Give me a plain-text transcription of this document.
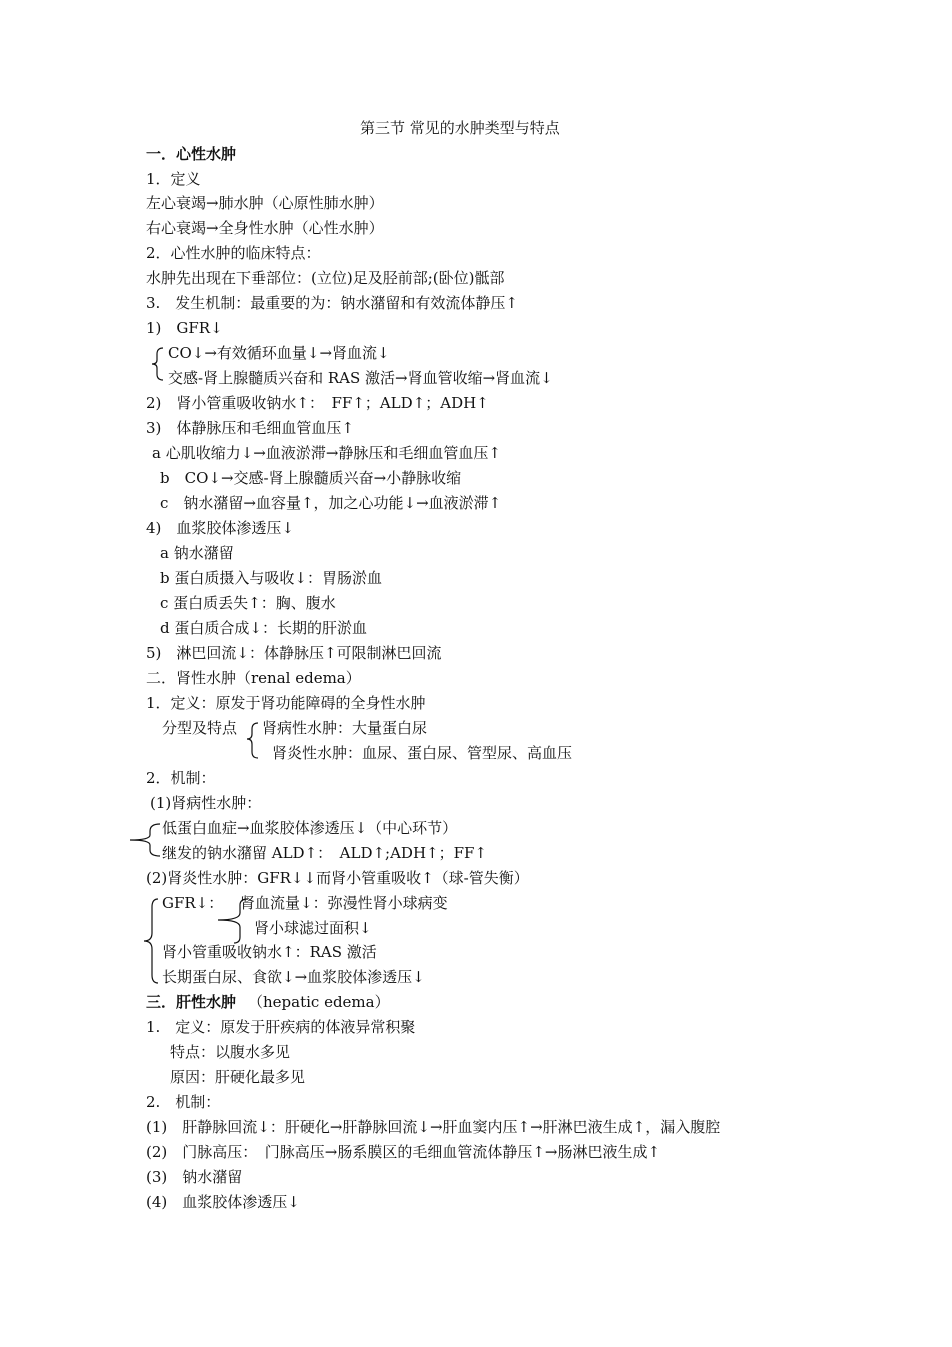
第三节 常见的水肿类型与特点
一．心性水肿
1．定义
左心衰竭→肺水肿（心原性肺水肿）
右心衰竭→全身性水肿（心性水肿）
2．心性水肿的临床特点：
水肿先出现在下垂部位：(立位)足及胫前部;(卧位)骶部
3.　发生机制：最重要的为：钠水潴留和有效流体静压↑
1)　GFR↓
CO↓→有效循环血量↓→肾血流↓
交感-肾上腺髓质兴奋和 RAS 激活→肾血管收缩→肾血流↓
2)　肾小管重吸收钠水↑：　FF↑；ALD↑；ADH↑
3)　体静脉压和毛细血管血压↑
a 心肌收缩力↓→血液淤滞→静脉压和毛细血管血压↑
b　CO↓→交感-肾上腺髓质兴奋→小静脉收缩
c　钠水潴留→血容量↑，加之心功能↓→血液淤滞↑
4)　血浆胶体渗透压↓
a 钠水潴留
b 蛋白质摄入与吸收↓：胃肠淤血
c 蛋白质丢失↑：胸、腹水
d 蛋白质合成↓：长期的肝淤血
5)　淋巴回流↓：体静脉压↑可限制淋巴回流
二．肾性水肿（renal edema）
1．定义：原发于肾功能障碍的全身性水肿
分型及特点 肾病性水肿：大量蛋白尿
肾炎性水肿：血尿、蛋白尿、管型尿、高血压
2．机制：
(1)肾病性水肿：
低蛋白血症→血浆胶体渗透压↓（中心环节）
继发的钠水潴留 ALD↑：　ALD↑;ADH↑；FF↑
(2)肾炎性水肿：GFR↓↓而肾小管重吸收↑（球-管失衡）
GFR↓： 肾血流量↓：弥漫性肾小球病变
肾小球滤过面积↓
肾小管重吸收钠水↑：RAS 激活
长期蛋白尿、食欲↓→血浆胶体渗透压↓
三．肝性水肿 （hepatic edema）
1.　定义：原发于肝疾病的体液异常积聚
特点：以腹水多见
原因：肝硬化最多见
2.　机制：
(1)　肝静脉回流↓：肝硬化→肝静脉回流↓→肝血窦内压↑→肝淋巴液生成↑，漏入腹腔
(2)　门脉高压：　门脉高压→肠系膜区的毛细血管流体静压↑→肠淋巴液生成↑
(3)　钠水潴留
(4)　血浆胶体渗透压↓
